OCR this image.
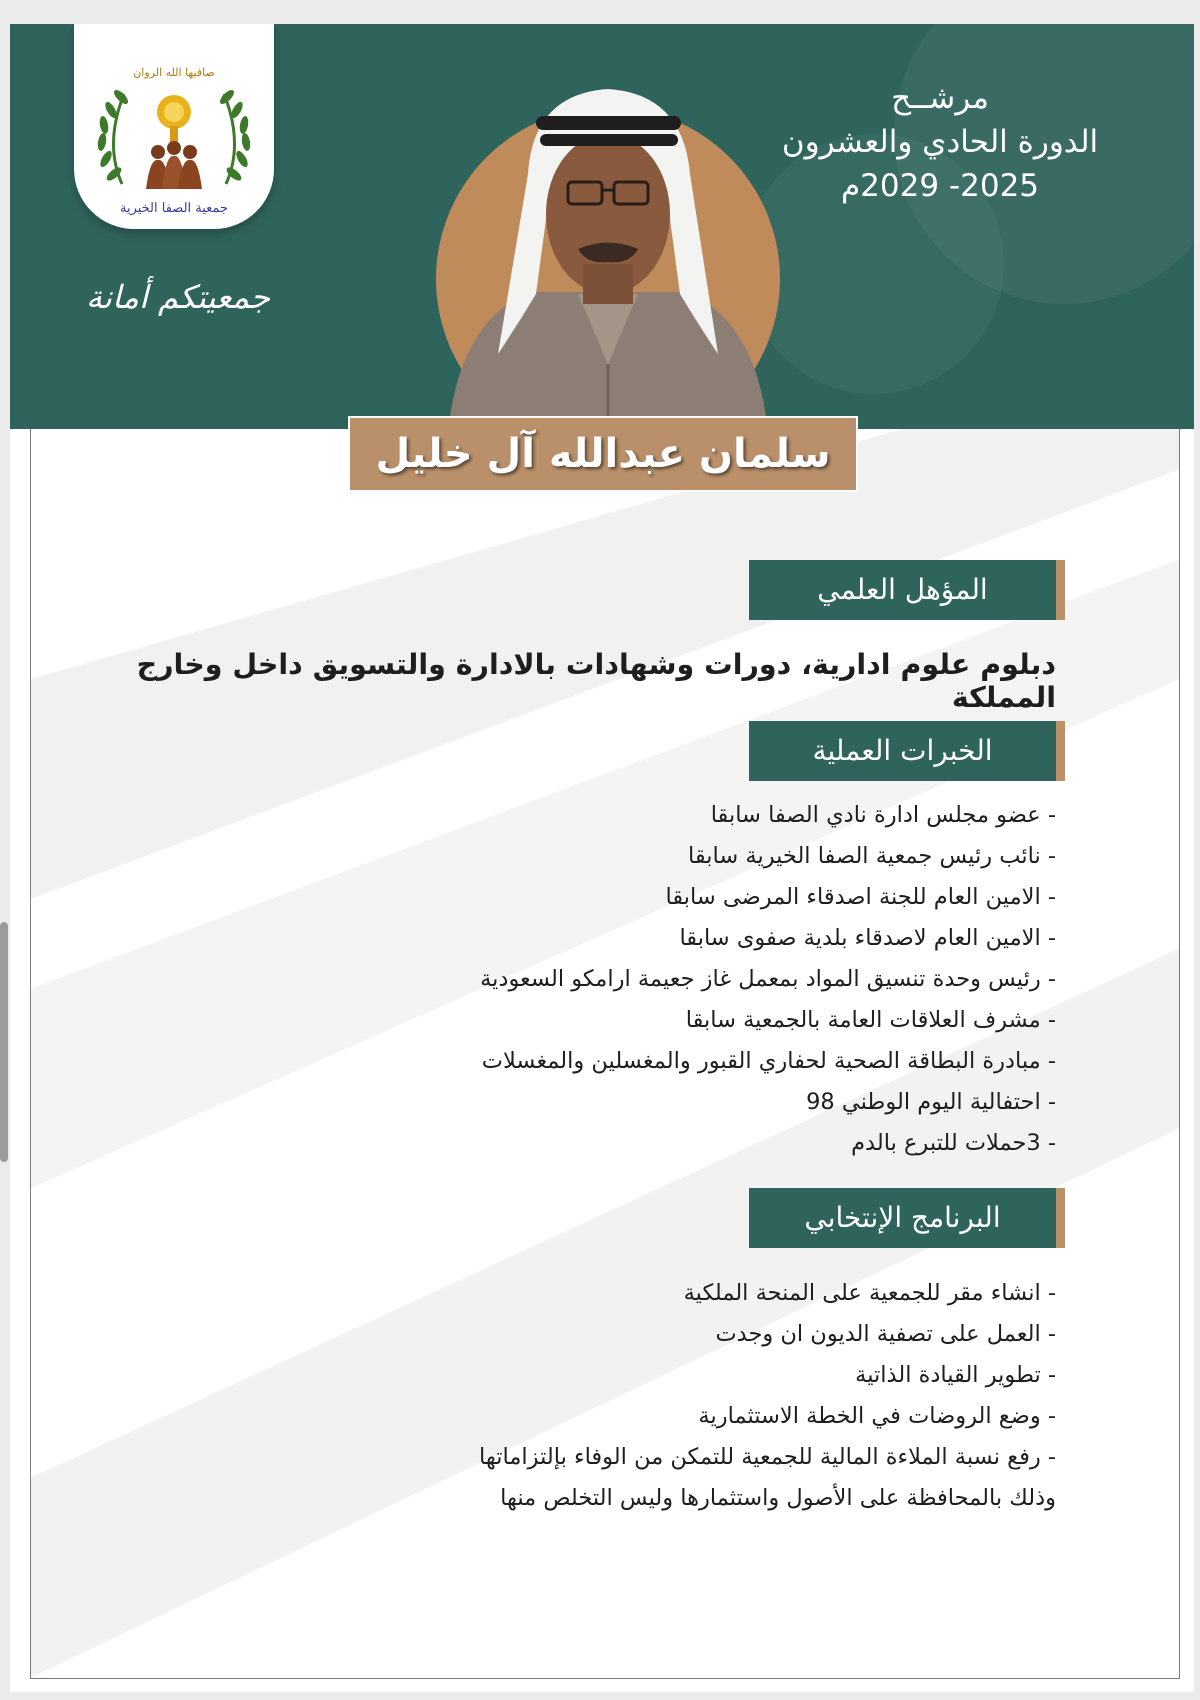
صافيها الله الروان
جمعية الصفا الخيرية
جمعيتكم أمانة
مرشــح
الدورة الحادي والعشرون
2025- 2029م
سلمان عبدالله آل خليل
المؤهل العلمي
دبلوم علوم ادارية، دورات وشهادات بالادارة والتسويق داخل وخارج المملكة
الخبرات العملية
- عضو مجلس ادارة نادي الصفا سابقا
- نائب رئيس جمعية الصفا الخيرية سابقا
- الامين العام للجنة اصدقاء المرضى سابقا
- الامين العام لاصدقاء بلدية صفوى سابقا
- رئيس وحدة تنسيق المواد بمعمل غاز جعيمة ارامكو السعودية
- مشرف العلاقات العامة بالجمعية سابقا
- مبادرة البطاقة الصحية لحفاري القبور والمغسلين والمغسلات
- احتفالية اليوم الوطني 98
- 3حملات للتبرع بالدم
البرنامج الإنتخابي
- انشاء مقر للجمعية على المنحة الملكية
- العمل على تصفية الديون ان وجدت
- تطوير القيادة الذاتية
- وضع الروضات في الخطة الاستثمارية
- رفع نسبة الملاءة المالية للجمعية للتمكن من الوفاء بإلتزاماتها
وذلك بالمحافظة على الأصول واستثمارها وليس التخلص منها
